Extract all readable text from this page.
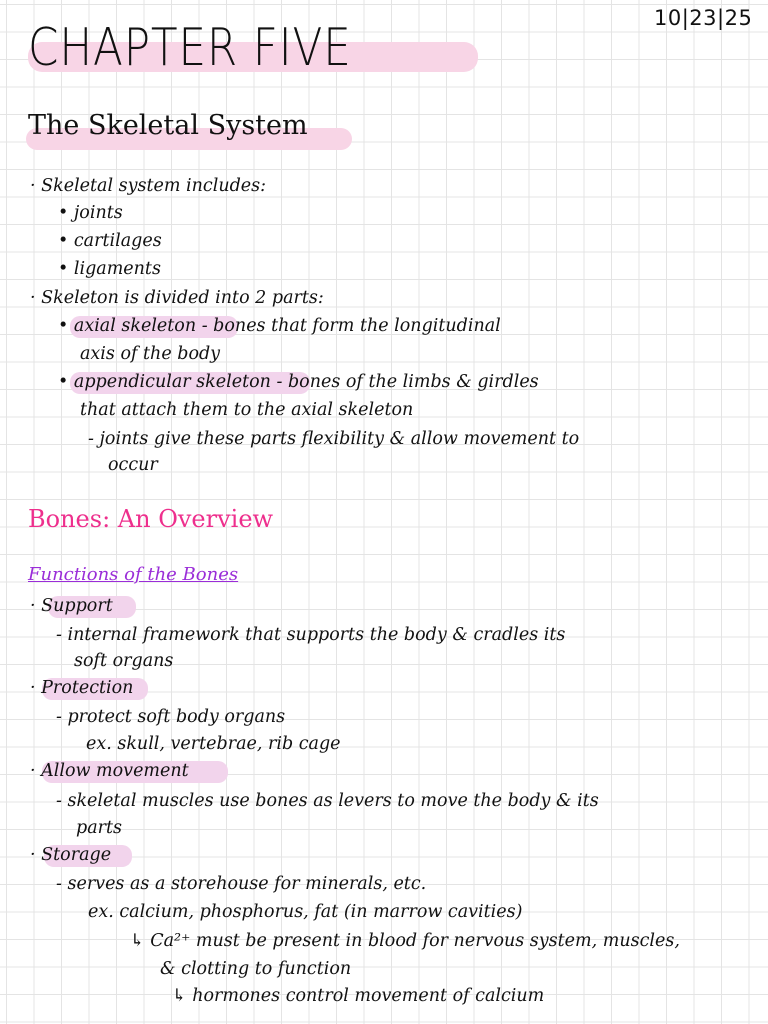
10|23|25
CHAPTER FIVE
The Skeletal System
· Skeletal system includes:
• joints
• cartilages
• ligaments
· Skeleton is divided into 2 parts:
• axial skeleton - bones that form the longitudinal
axis of the body
• appendicular skeleton - bones of the limbs & girdles
that attach them to the axial skeleton
- joints give these parts flexibility & allow movement to
occur
Bones: An Overview
Functions of the Bones
· Support
- internal framework that supports the body & cradles its
soft organs
· Protection
- protect soft body organs
ex. skull, vertebrae, rib cage
· Allow movement
- skeletal muscles use bones as levers to move the body & its
parts
· Storage
- serves as a storehouse for minerals, etc.
ex. calcium, phosphorus, fat (in marrow cavities)
↳ Ca²⁺ must be present in blood for nervous system, muscles,
& clotting to function
↳ hormones control movement of calcium
